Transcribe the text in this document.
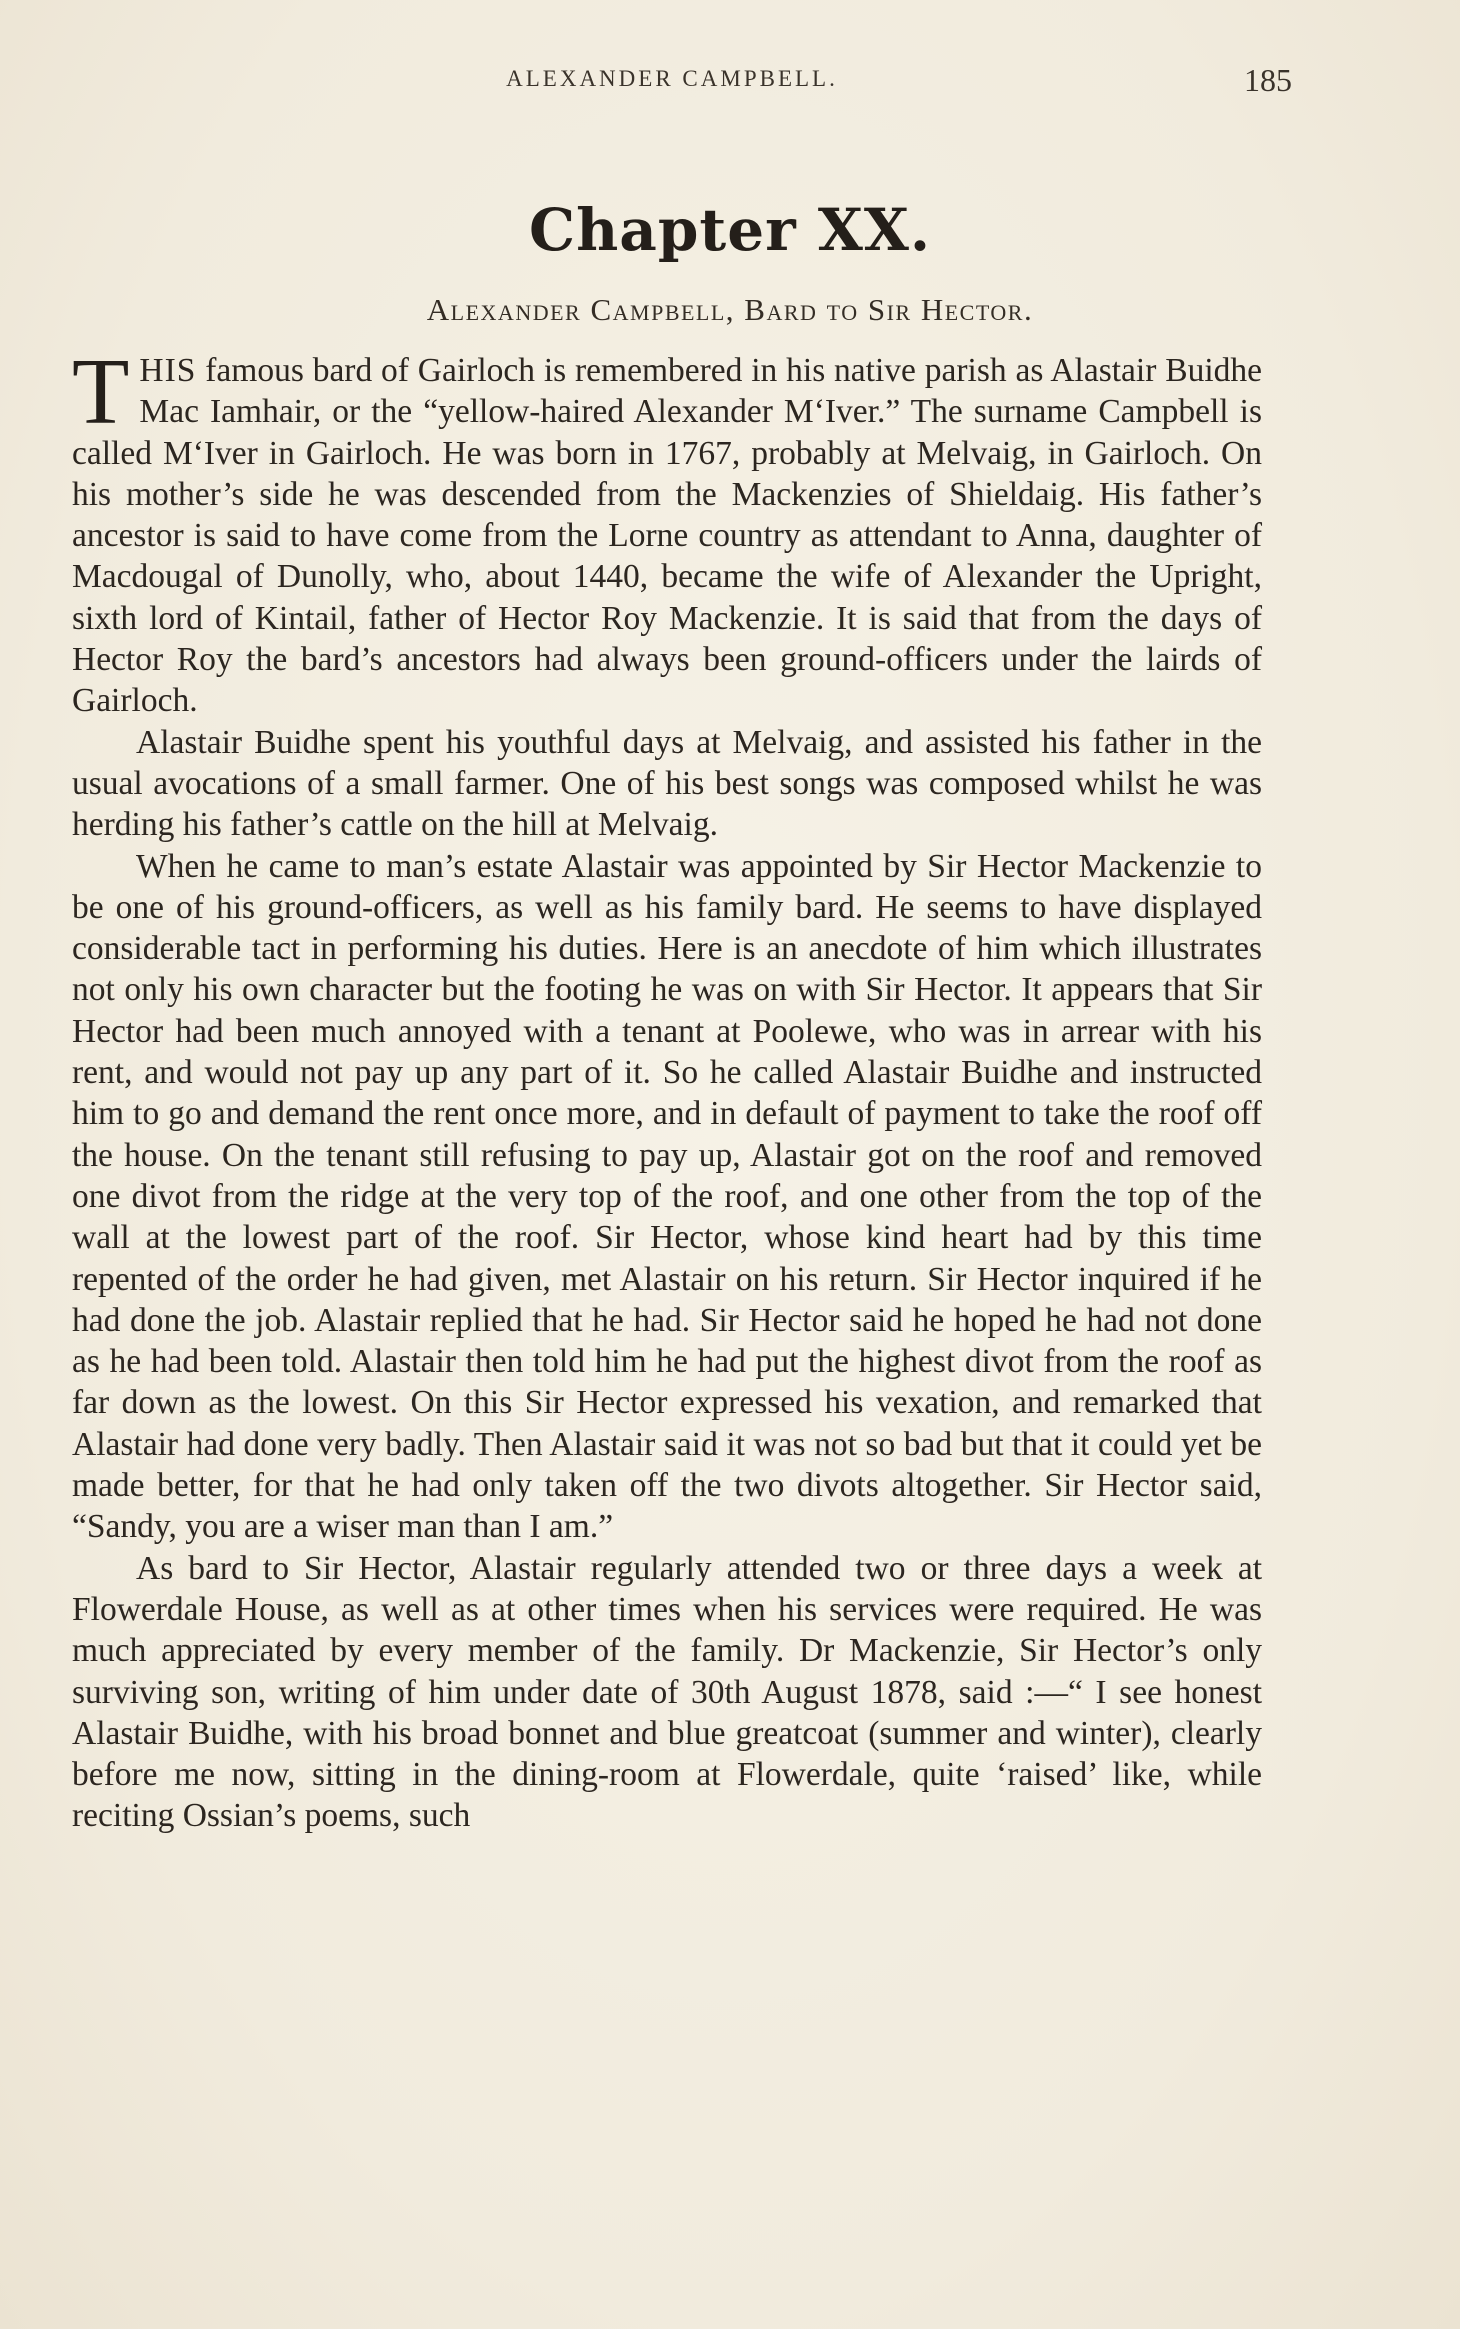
ALEXANDER CAMPBELL.	185
Chapter XX.
Alexander Campbell, Bard to Sir Hector.

THIS famous bard of Gairloch is remembered in his native parish as Alastair Buidhe Mac Iamhair, or the “yellow-haired Alexander M‘Iver.” The surname Campbell is called M‘Iver in Gairloch. He was born in 1767, probably at Melvaig, in Gairloch. On his mother’s side he was descended from the Mackenzies of Shieldaig. His father’s ancestor is said to have come from the Lorne country as attendant to Anna, daughter of Macdougal of Dunolly, who, about 1440, became the wife of Alexander the Upright, sixth lord of Kintail, father of Hector Roy Mackenzie. It is said that from the days of Hector Roy the bard’s ancestors had always been ground-officers under the lairds of Gairloch.

Alastair Buidhe spent his youthful days at Melvaig, and assisted his father in the usual avocations of a small farmer. One of his best songs was composed whilst he was herding his father’s cattle on the hill at Melvaig.

When he came to man’s estate Alastair was appointed by Sir Hector Mackenzie to be one of his ground-officers, as well as his family bard. He seems to have displayed considerable tact in performing his duties. Here is an anecdote of him which illustrates not only his own character but the footing he was on with Sir Hector. It appears that Sir Hector had been much annoyed with a tenant at Poolewe, who was in arrear with his rent, and would not pay up any part of it. So he called Alastair Buidhe and instructed him to go and demand the rent once more, and in default of payment to take the roof off the house. On the tenant still refusing to pay up, Alastair got on the roof and removed one divot from the ridge at the very top of the roof, and one other from the top of the wall at the lowest part of the roof. Sir Hector, whose kind heart had by this time repented of the order he had given, met Alastair on his return. Sir Hector inquired if he had done the job. Alastair replied that he had. Sir Hector said he hoped he had not done as he had been told. Alastair then told him he had put the highest divot from the roof as far down as the lowest. On this Sir Hector expressed his vexation, and remarked that Alastair had done very badly. Then Alastair said it was not so bad but that it could yet be made better, for that he had only taken off the two divots altogether. Sir Hector said, “Sandy, you are a wiser man than I am.”

As bard to Sir Hector, Alastair regularly attended two or three days a week at Flowerdale House, as well as at other times when his services were required. He was much appreciated by every member of the family. Dr Mackenzie, Sir Hector’s only surviving son, writing of him under date of 30th August 1878, said :—“ I see honest Alastair Buidhe, with his broad bonnet and blue greatcoat (summer and winter), clearly before me now, sitting in the dining-room at Flowerdale, quite ‘raised’ like, while reciting Ossian’s poems, such
